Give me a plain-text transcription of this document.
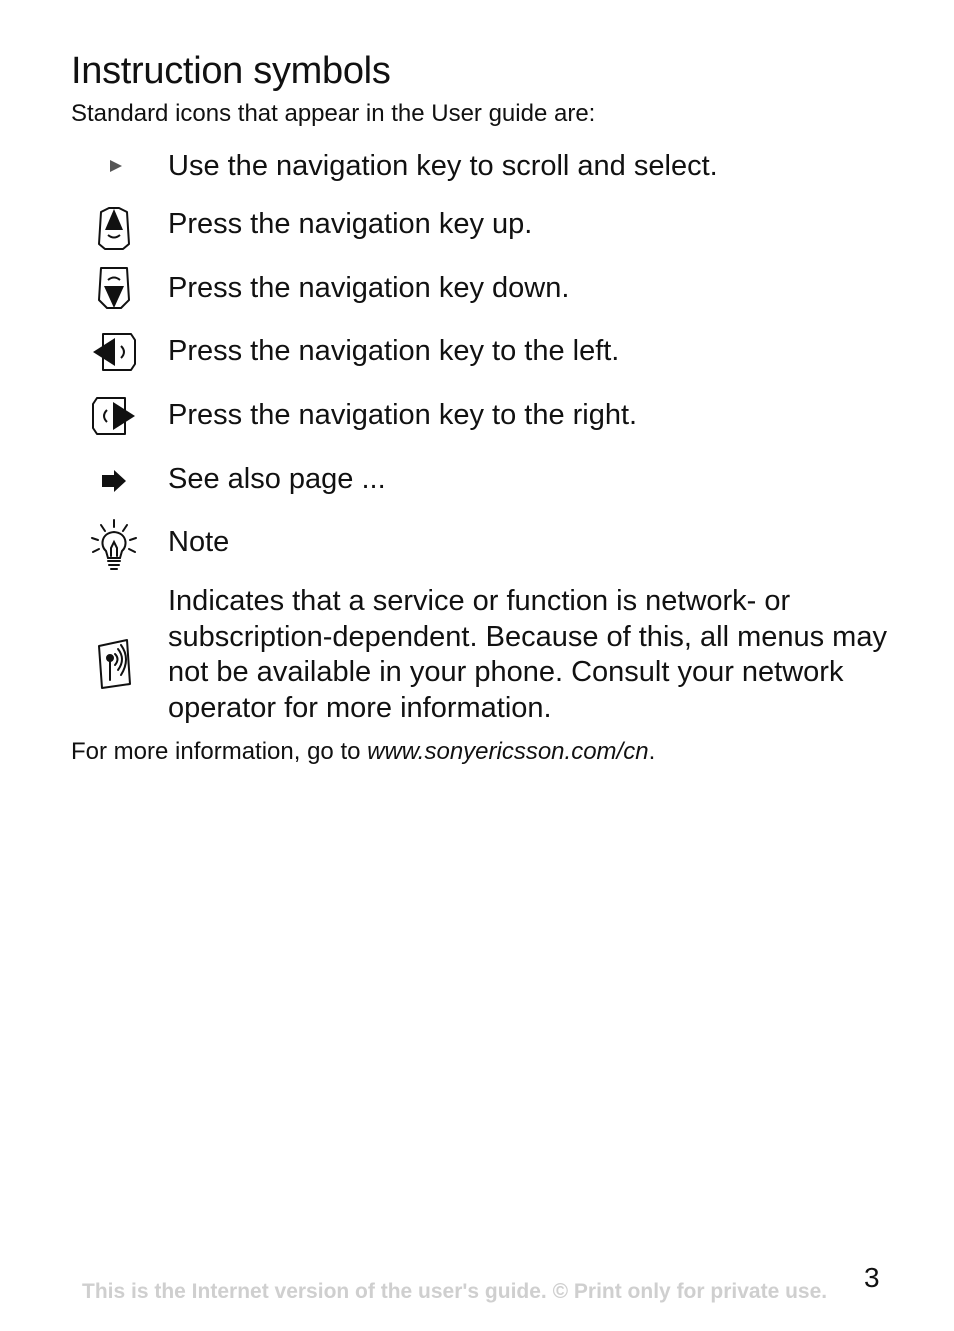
Instruction symbols

Standard icons that appear in the User guide are:

Use the navigation key to scroll and select.
Press the navigation key up.
Press the navigation key down.
Press the navigation key to the left.
Press the navigation key to the right.
See also page ...
Note
Indicates that a service or function is network- or subscription-dependent. Because of this, all menus may not be available in your phone. Consult your network operator for more information.

For more information, go to www.sonyericsson.com/cn.

3
This is the Internet version of the user's guide. © Print only for private use.
